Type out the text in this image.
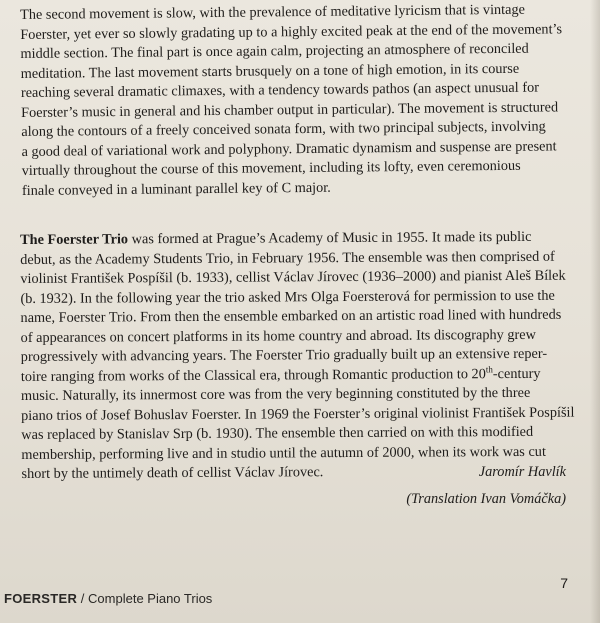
The second movement is slow, with the prevalence of meditative lyricism that is vintage
Foerster, yet ever so slowly gradating up to a highly excited peak at the end of the movement’s
middle section. The final part is once again calm, projecting an atmosphere of reconciled
meditation. The last movement starts brusquely on a tone of high emotion, in its course
reaching several dramatic climaxes, with a tendency towards pathos (an aspect unusual for
Foerster’s music in general and his chamber output in particular). The movement is structured
along the contours of a freely conceived sonata form, with two principal subjects, involving
a good deal of variational work and polyphony. Dramatic dynamism and suspense are present
virtually throughout the course of this movement, including its lofty, even ceremonious
finale conveyed in a luminant parallel key of C major.

The Foerster Trio was formed at Prague’s Academy of Music in 1955. It made its public
debut, as the Academy Students Trio, in February 1956. The ensemble was then comprised of
violinist František Pospíšil (b. 1933), cellist Václav Jírovec (1936–2000) and pianist Aleš Bílek
(b. 1932). In the following year the trio asked Mrs Olga Foersterová for permission to use the
name, Foerster Trio. From then the ensemble embarked on an artistic road lined with hundreds
of appearances on concert platforms in its home country and abroad. Its discography grew
progressively with advancing years. The Foerster Trio gradually built up an extensive reper-
toire ranging from works of the Classical era, through Romantic production to 20th-century
music. Naturally, its innermost core was from the very beginning constituted by the three
piano trios of Josef Bohuslav Foerster. In 1969 the Foerster’s original violinist František Pospíšil
was replaced by Stanislav Srp (b. 1930). The ensemble then carried on with this modified
membership, performing live and in studio until the autumn of 2000, when its work was cut
short by the untimely death of cellist Václav Jírovec.	Jaromír Havlík
(Translation Ivan Vomáčka)
FOERSTER / Complete Piano Trios
7
